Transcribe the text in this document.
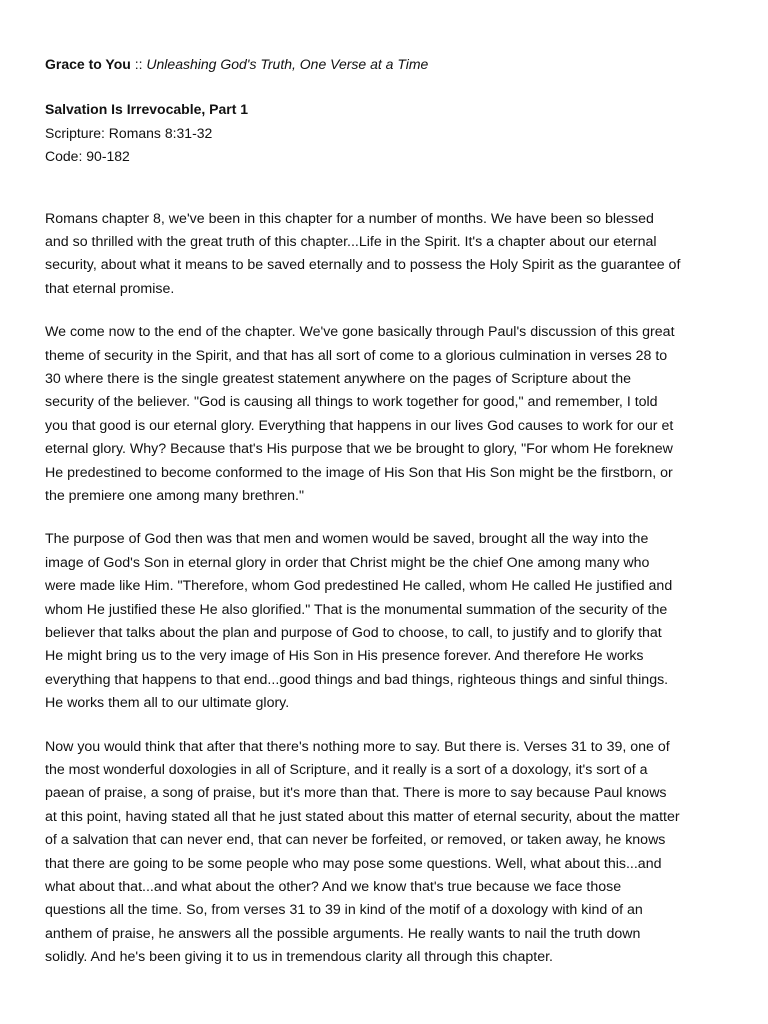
Grace to You :: Unleashing God's Truth, One Verse at a Time
Salvation Is Irrevocable, Part 1
Scripture: Romans 8:31-32
Code: 90-182

Romans chapter 8, we've been in this chapter for a number of months. We have been so blessed
and so thrilled with the great truth of this chapter...Life in the Spirit. It's a chapter about our eternal
security, about what it means to be saved eternally and to possess the Holy Spirit as the guarantee of
that eternal promise.

We come now to the end of the chapter. We've gone basically through Paul's discussion of this great
theme of security in the Spirit, and that has all sort of come to a glorious culmination in verses 28 to
30 where there is the single greatest statement anywhere on the pages of Scripture about the
security of the believer. "God is causing all things to work together for good," and remember, I told
you that good is our eternal glory. Everything that happens in our lives God causes to work for our et
eternal glory. Why? Because that's His purpose that we be brought to glory, "For whom He foreknew
He predestined to become conformed to the image of His Son that His Son might be the firstborn, or
the premiere one among many brethren."

The purpose of God then was that men and women would be saved, brought all the way into the
image of God's Son in eternal glory in order that Christ might be the chief One among many who
were made like Him. "Therefore, whom God predestined He called, whom He called He justified and
whom He justified these He also glorified." That is the monumental summation of the security of the
believer that talks about the plan and purpose of God to choose, to call, to justify and to glorify that
He might bring us to the very image of His Son in His presence forever. And therefore He works
everything that happens to that end...good things and bad things, righteous things and sinful things.
He works them all to our ultimate glory.

Now you would think that after that there's nothing more to say. But there is. Verses 31 to 39, one of
the most wonderful doxologies in all of Scripture, and it really is a sort of a doxology, it's sort of a
paean of praise, a song of praise, but it's more than that. There is more to say because Paul knows
at this point, having stated all that he just stated about this matter of eternal security, about the matter
of a salvation that can never end, that can never be forfeited, or removed, or taken away, he knows
that there are going to be some people who may pose some questions. Well, what about this...and
what about that...and what about the other? And we know that's true because we face those
questions all the time. So, from verses 31 to 39 in kind of the motif of a doxology with kind of an
anthem of praise, he answers all the possible arguments. He really wants to nail the truth down
solidly. And he's been giving it to us in tremendous clarity all through this chapter.
